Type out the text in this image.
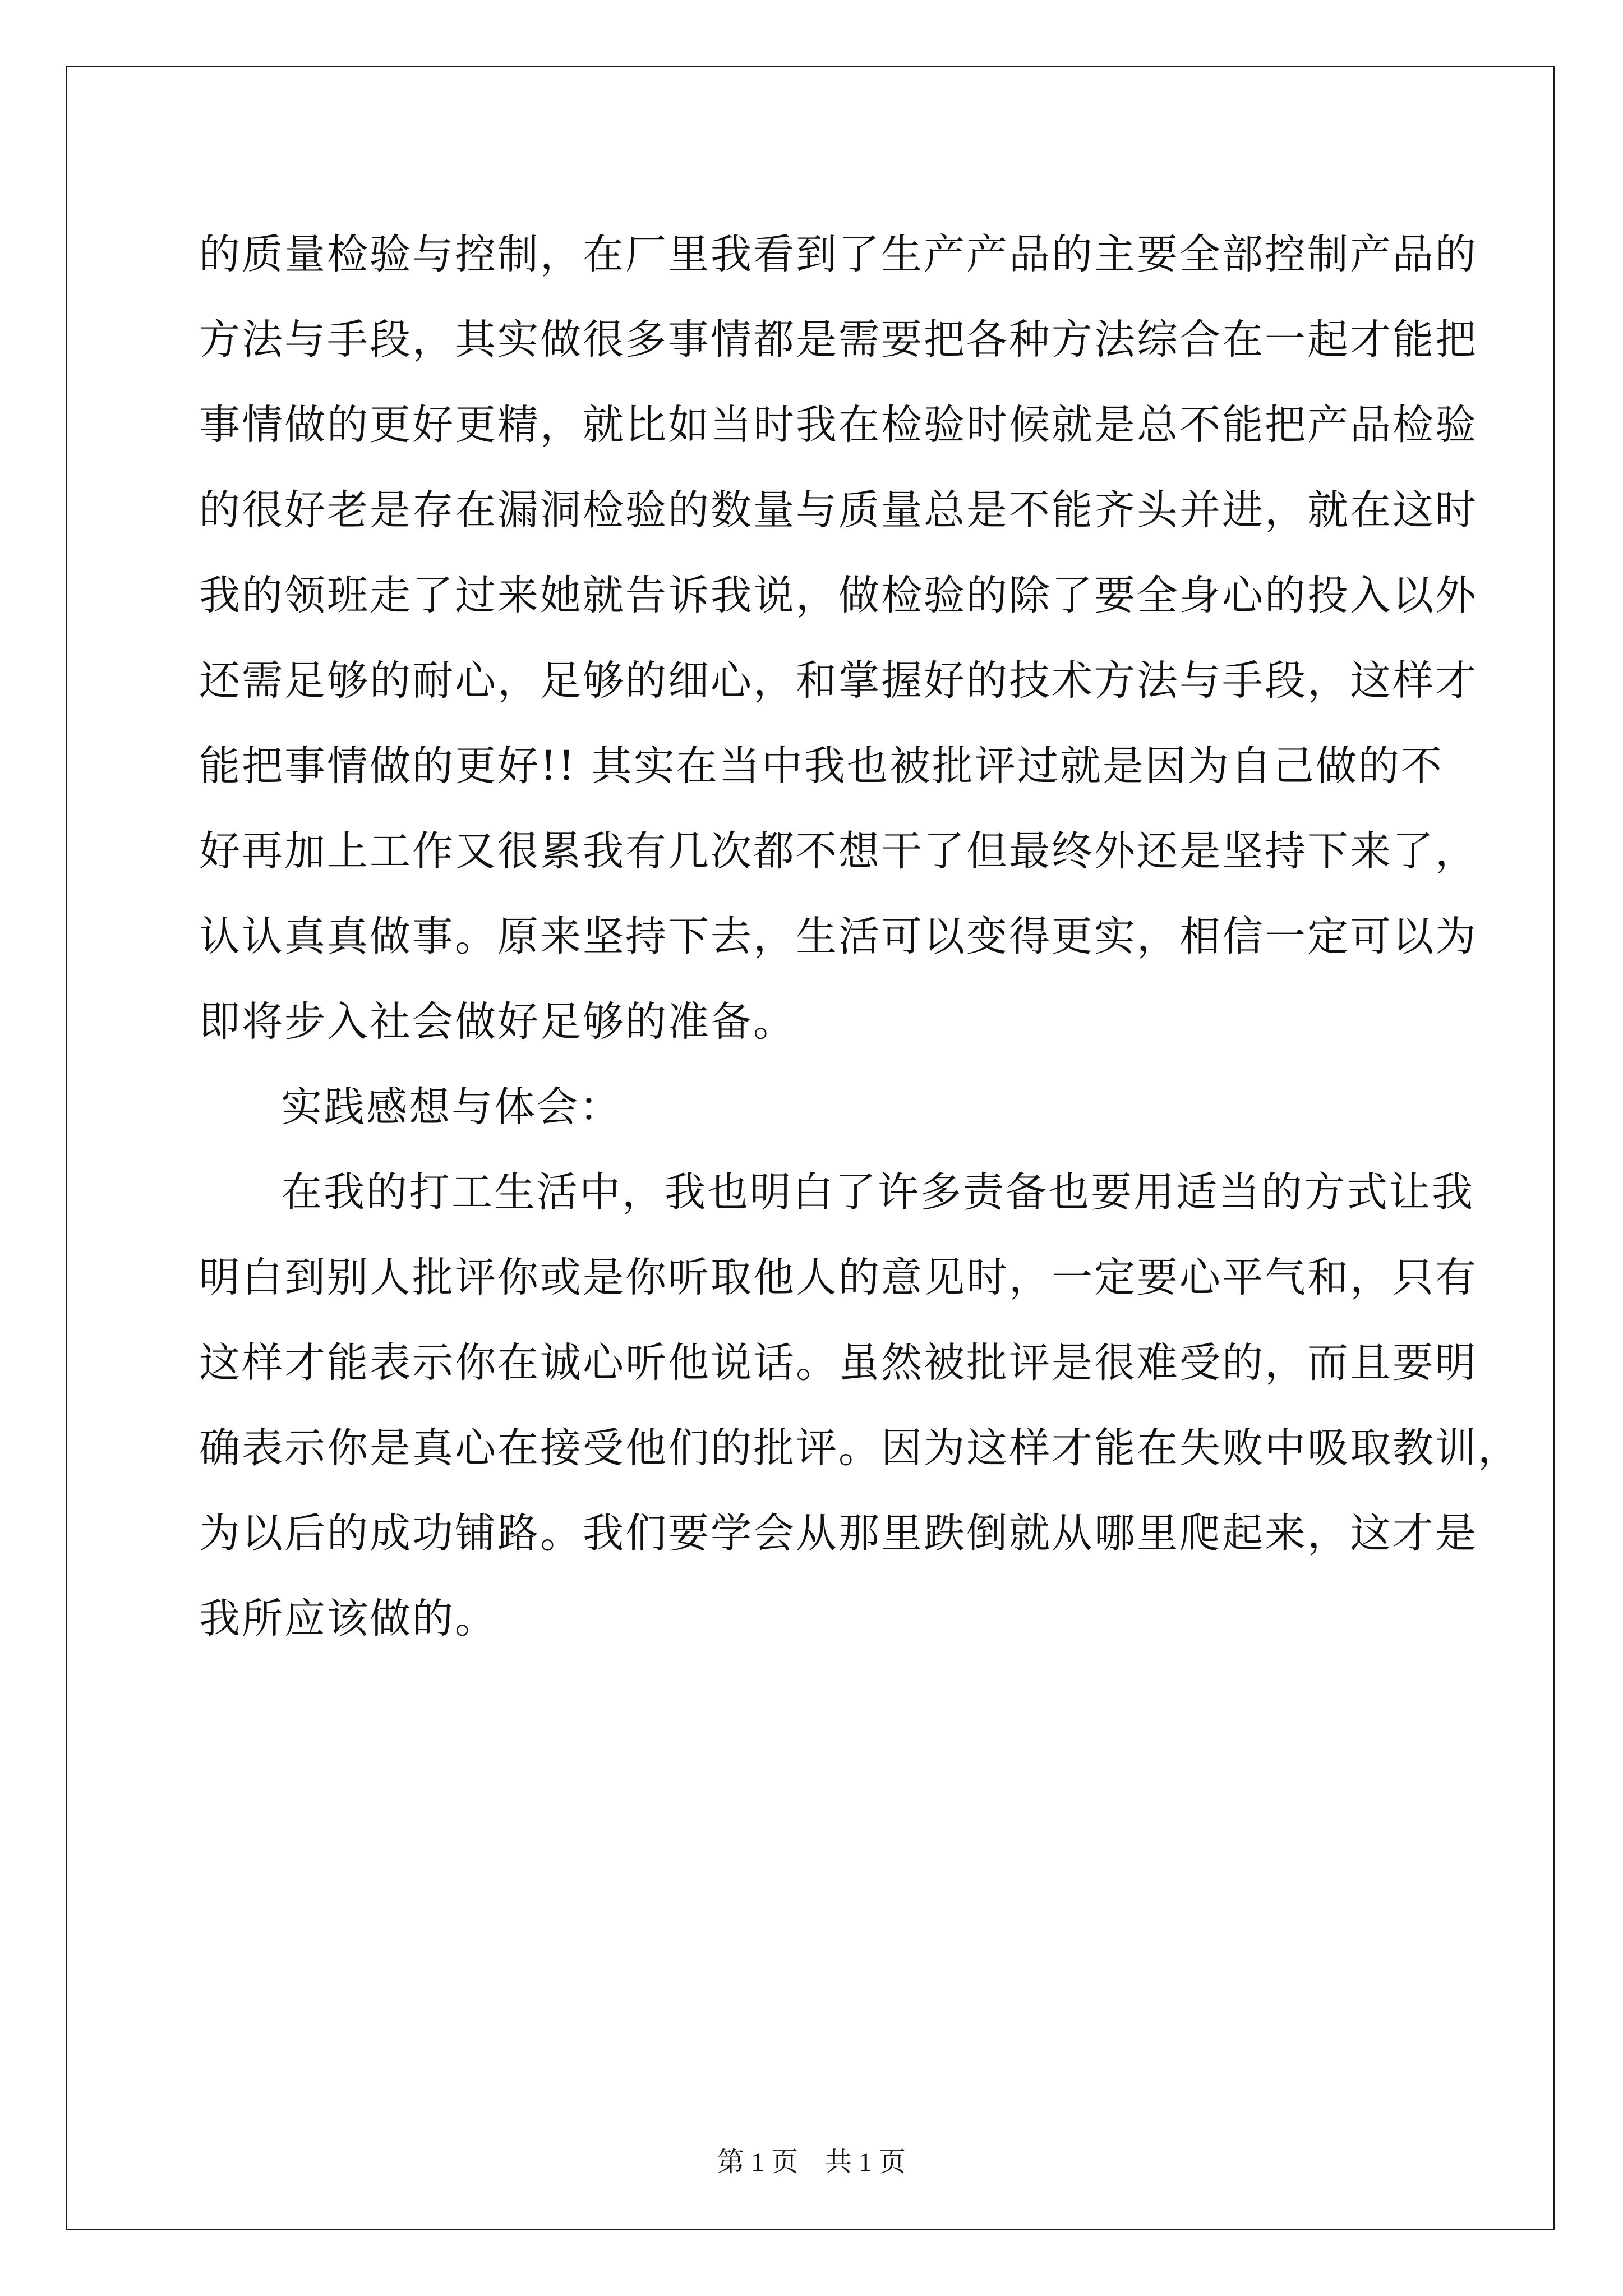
的质量检验与控制，在厂里我看到了生产产品的主要全部控制产品的
方法与手段，其实做很多事情都是需要把各种方法综合在一起才能把
事情做的更好更精，就比如当时我在检验时候就是总不能把产品检验
的很好老是存在漏洞检验的数量与质量总是不能齐头并进，就在这时
我的领班走了过来她就告诉我说，做检验的除了要全身心的投入以外
还需足够的耐心，足够的细心，和掌握好的技术方法与手段，这样才
能把事情做的更好!! 其实在当中我也被批评过就是因为自己做的不
好再加上工作又很累我有几次都不想干了但最终外还是坚持下来了，
认认真真做事。原来坚持下去，生活可以变得更实，相信一定可以为
即将步入社会做好足够的准备。
实践感想与体会：
在我的打工生活中，我也明白了许多责备也要用适当的方式让我
明白到别人批评你或是你听取他人的意见时，一定要心平气和，只有
这样才能表示你在诚心听他说话。虽然被批评是很难受的，而且要明
确表示你是真心在接受他们的批评。因为这样才能在失败中吸取教训，
为以后的成功铺路。我们要学会从那里跌倒就从哪里爬起来，这才是
我所应该做的。
第 1 页　共 1 页
